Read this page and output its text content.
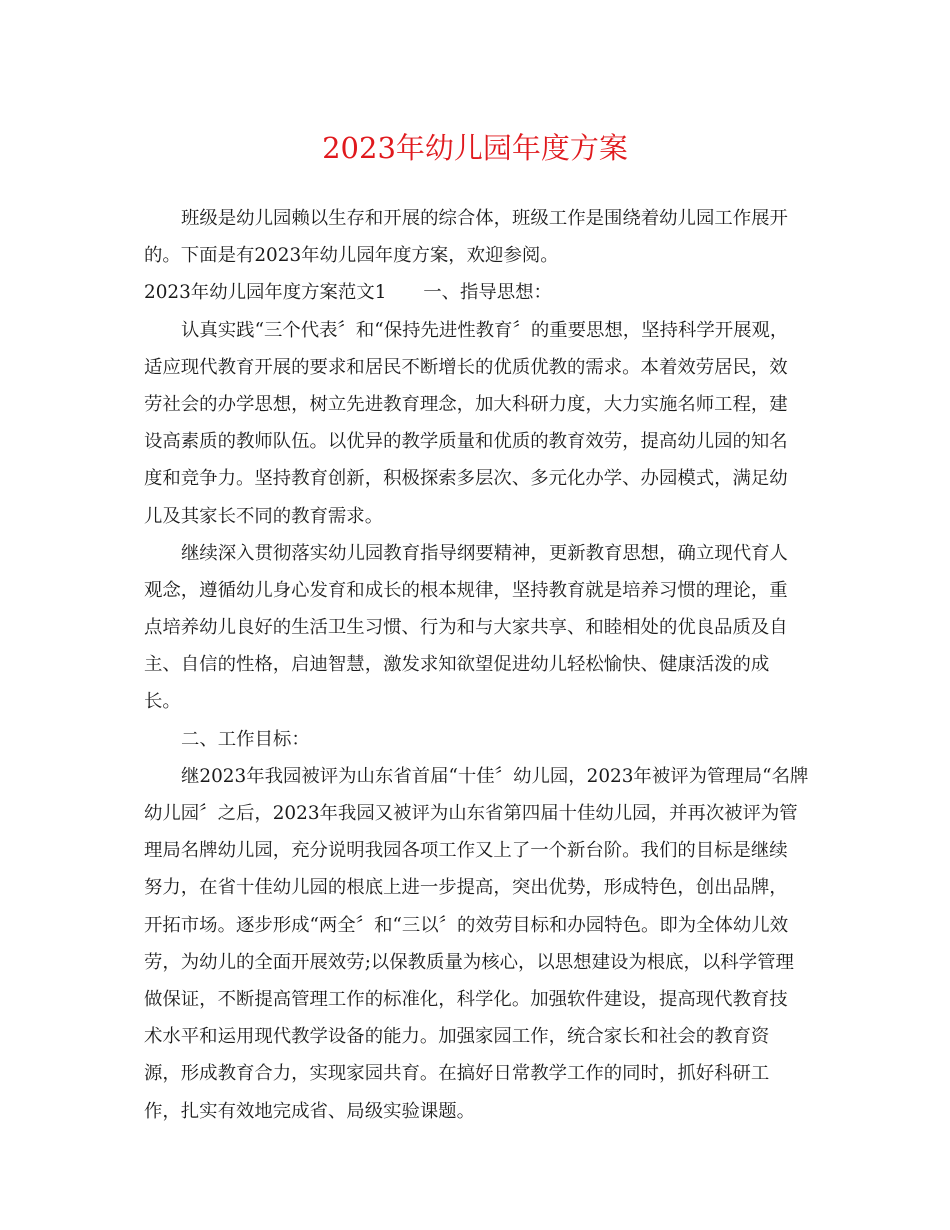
2023年幼儿园年度方案
班级是幼儿园赖以生存和开展的综合体，班级工作是围绕着幼儿园工作展开
的。下面是有2023年幼儿园年度方案，欢迎参阅。
2023年幼儿园年度方案范文1　　一、指导思想：
认真实践“三个代表〞和“保持先进性教育〞的重要思想，坚持科学开展观，
适应现代教育开展的要求和居民不断增长的优质优教的需求。本着效劳居民，效
劳社会的办学思想，树立先进教育理念，加大科研力度，大力实施名师工程，建
设高素质的教师队伍。以优异的教学质量和优质的教育效劳，提高幼儿园的知名
度和竞争力。坚持教育创新，积极探索多层次、多元化办学、办园模式，满足幼
儿及其家长不同的教育需求。
继续深入贯彻落实幼儿园教育指导纲要精神，更新教育思想，确立现代育人
观念，遵循幼儿身心发育和成长的根本规律，坚持教育就是培养习惯的理论，重
点培养幼儿良好的生活卫生习惯、行为和与大家共享、和睦相处的优良品质及自
主、自信的性格，启迪智慧，激发求知欲望促进幼儿轻松愉快、健康活泼的成
长。
二、工作目标：
继2023年我园被评为山东省首届“十佳〞幼儿园，2023年被评为管理局“名牌
幼儿园〞之后，2023年我园又被评为山东省第四届十佳幼儿园，并再次被评为管
理局名牌幼儿园，充分说明我园各项工作又上了一个新台阶。我们的目标是继续
努力，在省十佳幼儿园的根底上进一步提高，突出优势，形成特色，创出品牌，
开拓市场。逐步形成“两全〞和“三以〞的效劳目标和办园特色。即为全体幼儿效
劳，为幼儿的全面开展效劳;以保教质量为核心，以思想建设为根底，以科学管理
做保证，不断提高管理工作的标准化，科学化。加强软件建设，提高现代教育技
术水平和运用现代教学设备的能力。加强家园工作，统合家长和社会的教育资
源，形成教育合力，实现家园共育。在搞好日常教学工作的同时，抓好科研工
作，扎实有效地完成省、局级实验课题。
